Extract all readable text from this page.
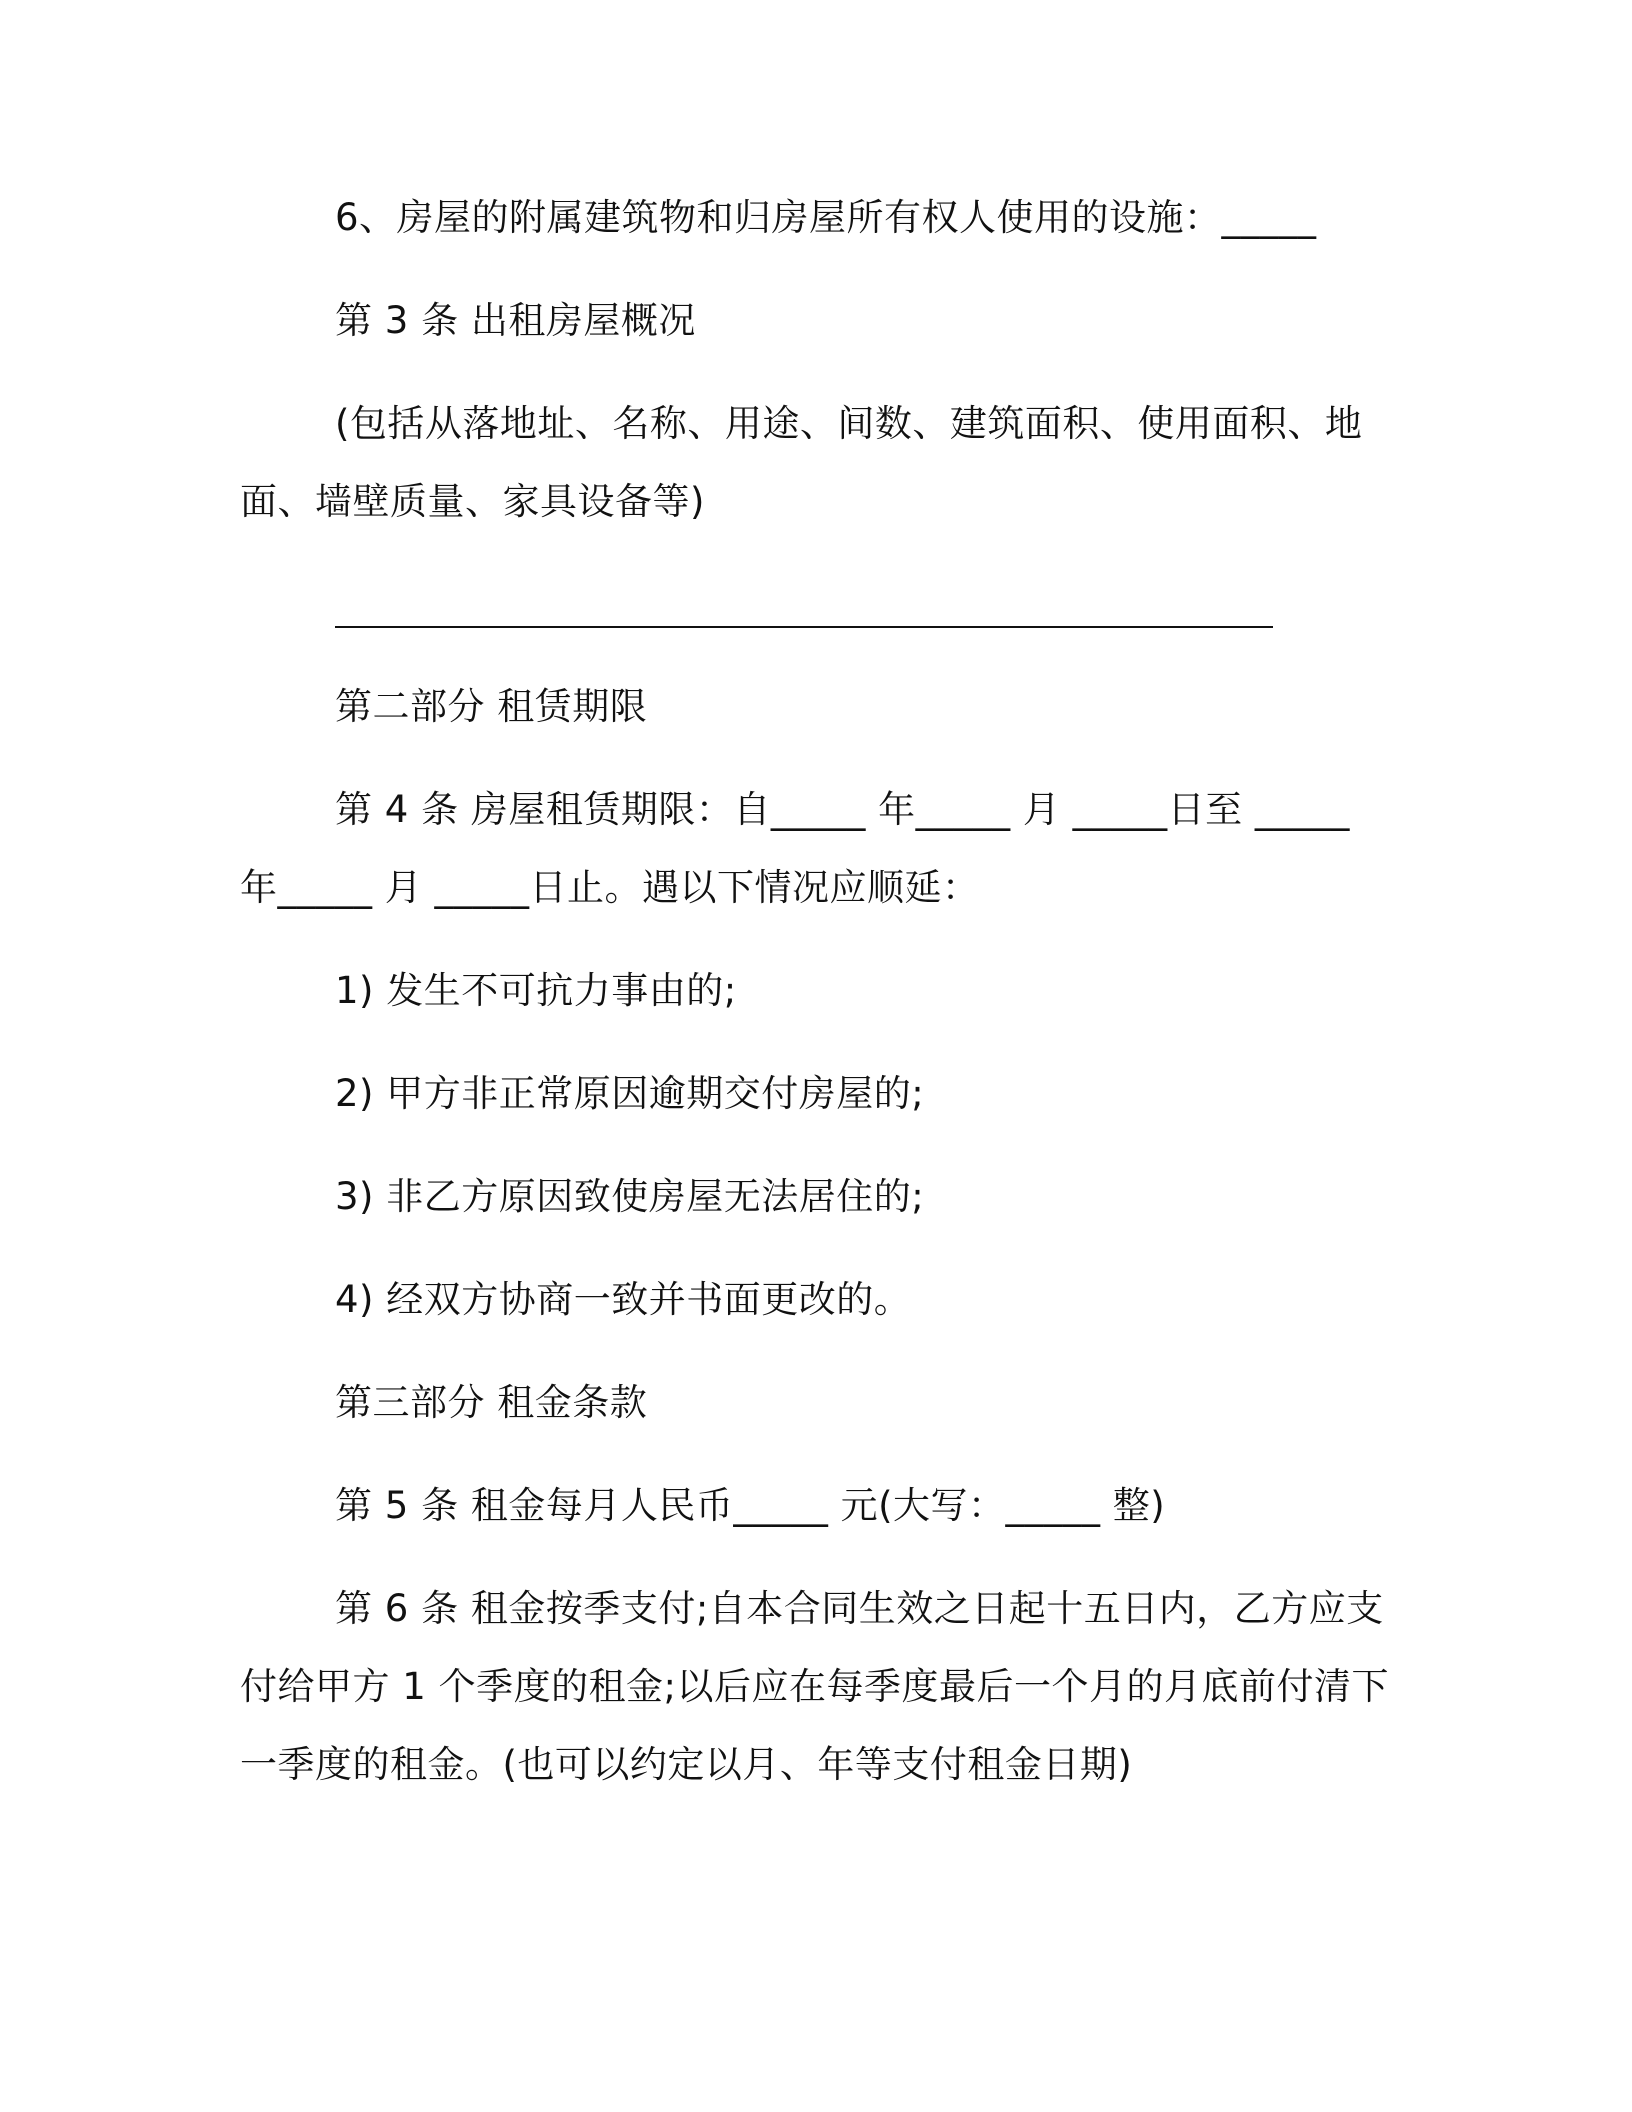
6、房屋的附属建筑物和归房屋所有权人使用的设施：_____
第 3 条 出租房屋概况
(包括从落地址、名称、用途、间数、建筑面积、使用面积、地
面、墙壁质量、家具设备等)
第二部分 租赁期限
第 4 条 房屋租赁期限：自_____ 年_____ 月 _____日至 _____
年_____ 月 _____日止。遇以下情况应顺延：
1) 发生不可抗力事由的;
2) 甲方非正常原因逾期交付房屋的;
3) 非乙方原因致使房屋无法居住的;
4) 经双方协商一致并书面更改的。
第三部分 租金条款
第 5 条 租金每月人民币_____ 元(大写：_____ 整)
第 6 条 租金按季支付;自本合同生效之日起十五日内，乙方应支
付给甲方 1 个季度的租金;以后应在每季度最后一个月的月底前付清下
一季度的租金。(也可以约定以月、年等支付租金日期)
